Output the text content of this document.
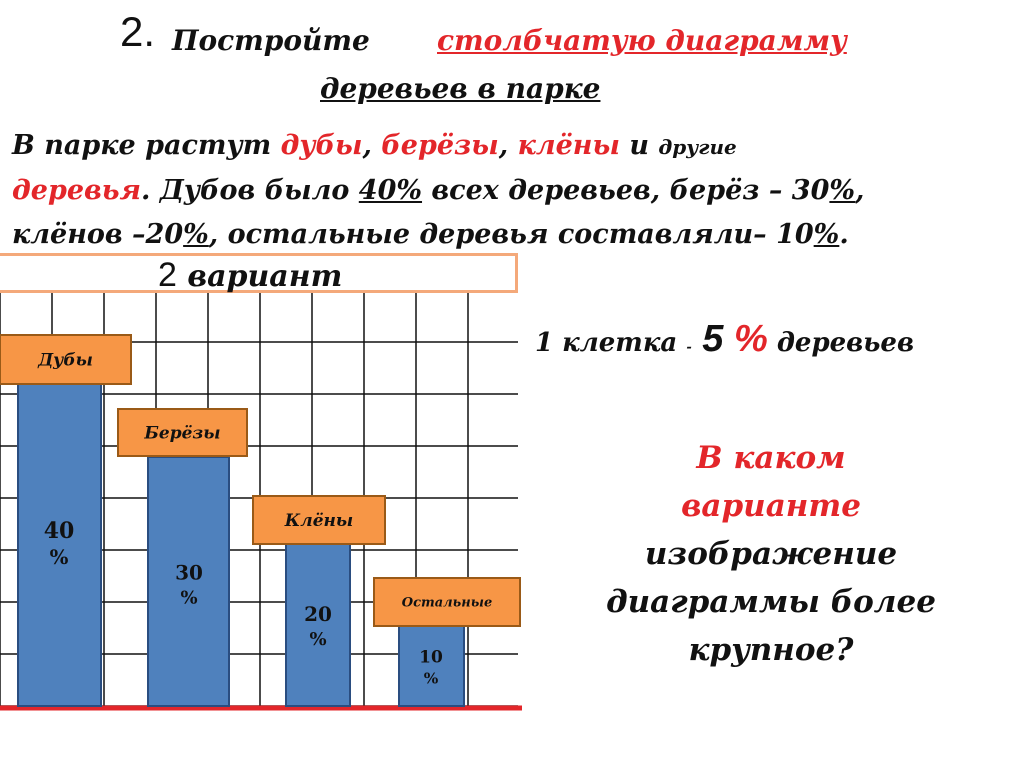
2. Постройте столбчатую диаграмму
деревьев в парке
В парке растут дубы, берёзы, клёны и другие
деревья. Дубов было 40% всех деревьев, берёз – 30%,
клёнов –20%, остальные деревья составляли– 10%.
2 вариант
1 клетка - 5 % деревьев
В каком
варианте
изображение
диаграммы более
крупное?
Дубы
40
%
Берёзы
30
%
Клёны
20
%
Остальные
10
%
